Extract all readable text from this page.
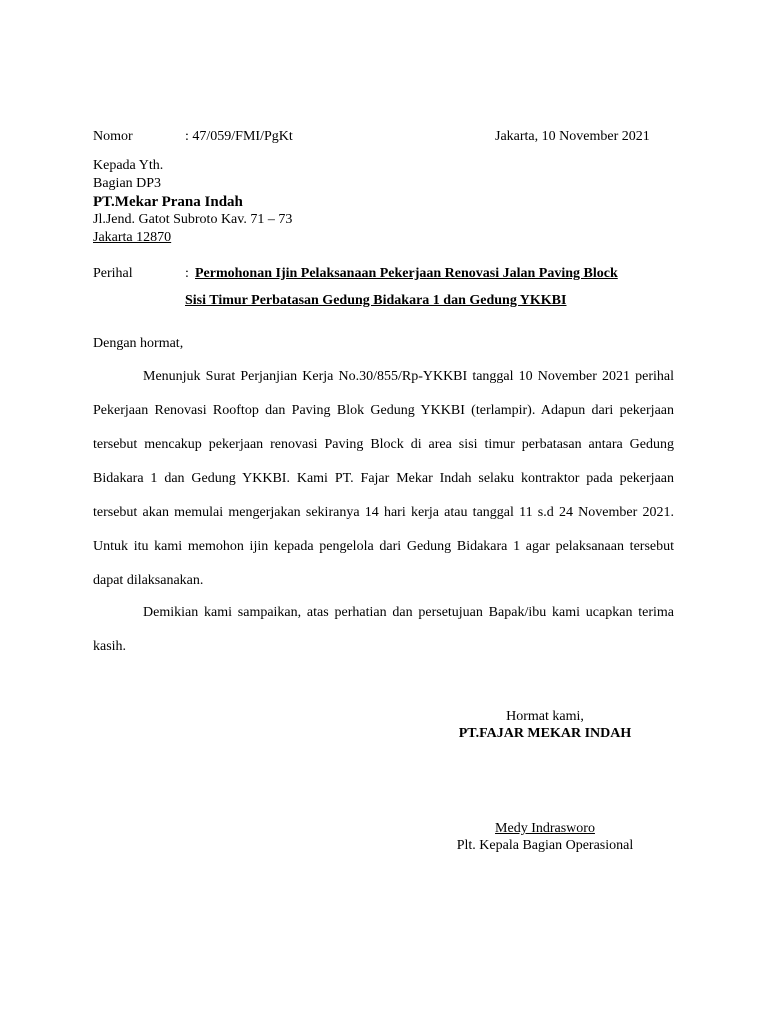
Nomor	: 47/059/FMI/PgKt	Jakarta, 10 November 2021
Kepada Yth.
Bagian DP3
PT.Mekar Prana Indah
Jl.Jend. Gatot Subroto Kav. 71 – 73
Jakarta 12870
Perihal	: Permohonan Ijin Pelaksanaan Pekerjaan Renovasi Jalan Paving Block
Sisi Timur Perbatasan Gedung Bidakara 1 dan Gedung YKKBI
Dengan hormat,

Menunjuk Surat Perjanjian Kerja No.30/855/Rp-YKKBI tanggal 10 November 2021 perihal Pekerjaan Renovasi Rooftop dan Paving Blok Gedung YKKBI (terlampir). Adapun dari pekerjaan tersebut mencakup pekerjaan renovasi Paving Block di area sisi timur perbatasan antara Gedung Bidakara 1 dan Gedung YKKBI. Kami PT. Fajar Mekar Indah selaku kontraktor pada pekerjaan tersebut akan memulai mengerjakan sekiranya 14 hari kerja atau tanggal 11 s.d 24 November 2021. Untuk itu kami memohon ijin kepada pengelola dari Gedung Bidakara 1 agar pelaksanaan tersebut dapat dilaksanakan.

Demikian kami sampaikan, atas perhatian dan persetujuan Bapak/ibu kami ucapkan terima kasih.

Hormat kami,
PT.FAJAR MEKAR INDAH
Medy Indrasworo
Plt. Kepala Bagian Operasional
